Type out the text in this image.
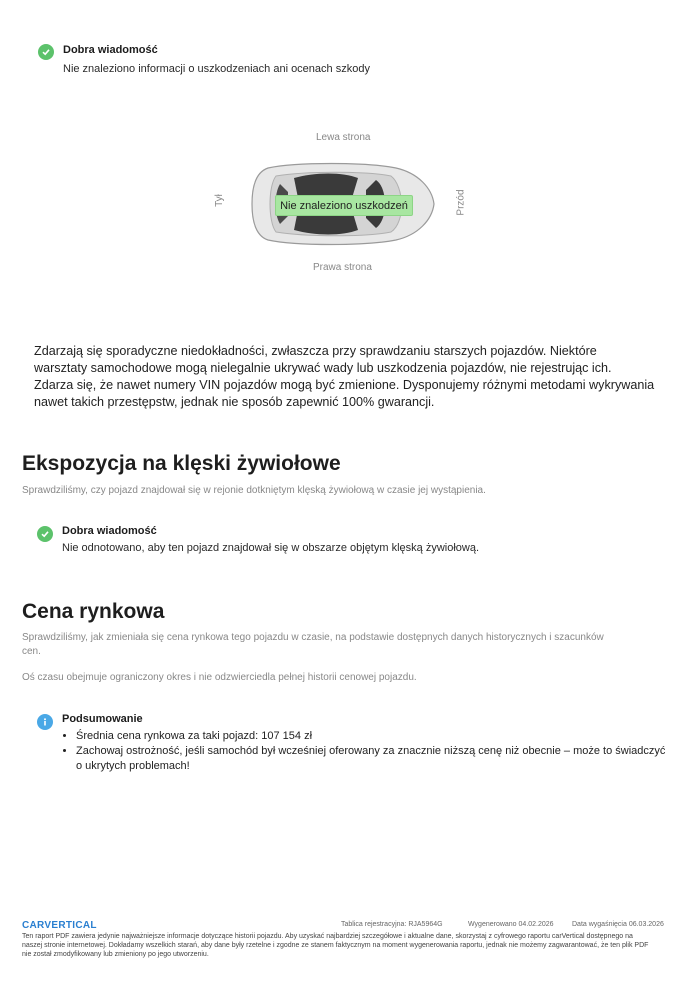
Dobra wiadomość
Nie znaleziono informacji o uszkodzeniach ani ocenach szkody
Lewa strona
Prawa strona
Tył	Przód
Nie znaleziono uszkodzeń

Zdarzają się sporadyczne niedokładności, zwłaszcza przy sprawdzaniu starszych pojazdów. Niektóre

warsztaty samochodowe mogą nielegalnie ukrywać wady lub uszkodzenia pojazdów, nie rejestrując ich.

Zdarza się, że nawet numery VIN pojazdów mogą być zmienione. Dysponujemy różnymi metodami wykrywania

nawet takich przestępstw, jednak nie sposób zapewnić 100% gwarancji.

Ekspozycja na klęski żywiołowe
Sprawdziliśmy, czy pojazd znajdował się w rejonie dotkniętym klęską żywiołową w czasie jej wystąpienia.
Dobra wiadomość
Nie odnotowano, aby ten pojazd znajdował się w obszarze objętym klęską żywiołową.
Cena rynkowa
Sprawdziliśmy, jak zmieniała się cena rynkowa tego pojazdu w czasie, na podstawie dostępnych danych historycznych i szacunków
cen.
Oś czasu obejmuje ograniczony okres i nie odzwierciedla pełnej historii cenowej pojazdu.
Podsumowanie
• Średnia cena rynkowa za taki pojazd: 107 154 zł
• Zachowaj ostrożność, jeśli samochód był wcześniej oferowany za znacznie niższą cenę niż obecnie – może to świadczyć
o ukrytych problemach!
CARVERTICAL	Tablica rejestracyjna: RJA5964G	Wygenerowano 04.02.2026	Data wygaśnięcia 06.03.2026
Ten raport PDF zawiera jedynie najważniejsze informacje dotyczące historii pojazdu. Aby uzyskać najbardziej szczegółowe i aktualne dane, skorzystaj z cyfrowego raportu carVertical dostępnego na
naszej stronie internetowej. Dokładamy wszelkich starań, aby dane były rzetelne i zgodne ze stanem faktycznym na moment wygenerowania raportu, jednak nie możemy zagwarantować, że ten plik PDF
nie został zmodyfikowany lub zmieniony po jego utworzeniu.
